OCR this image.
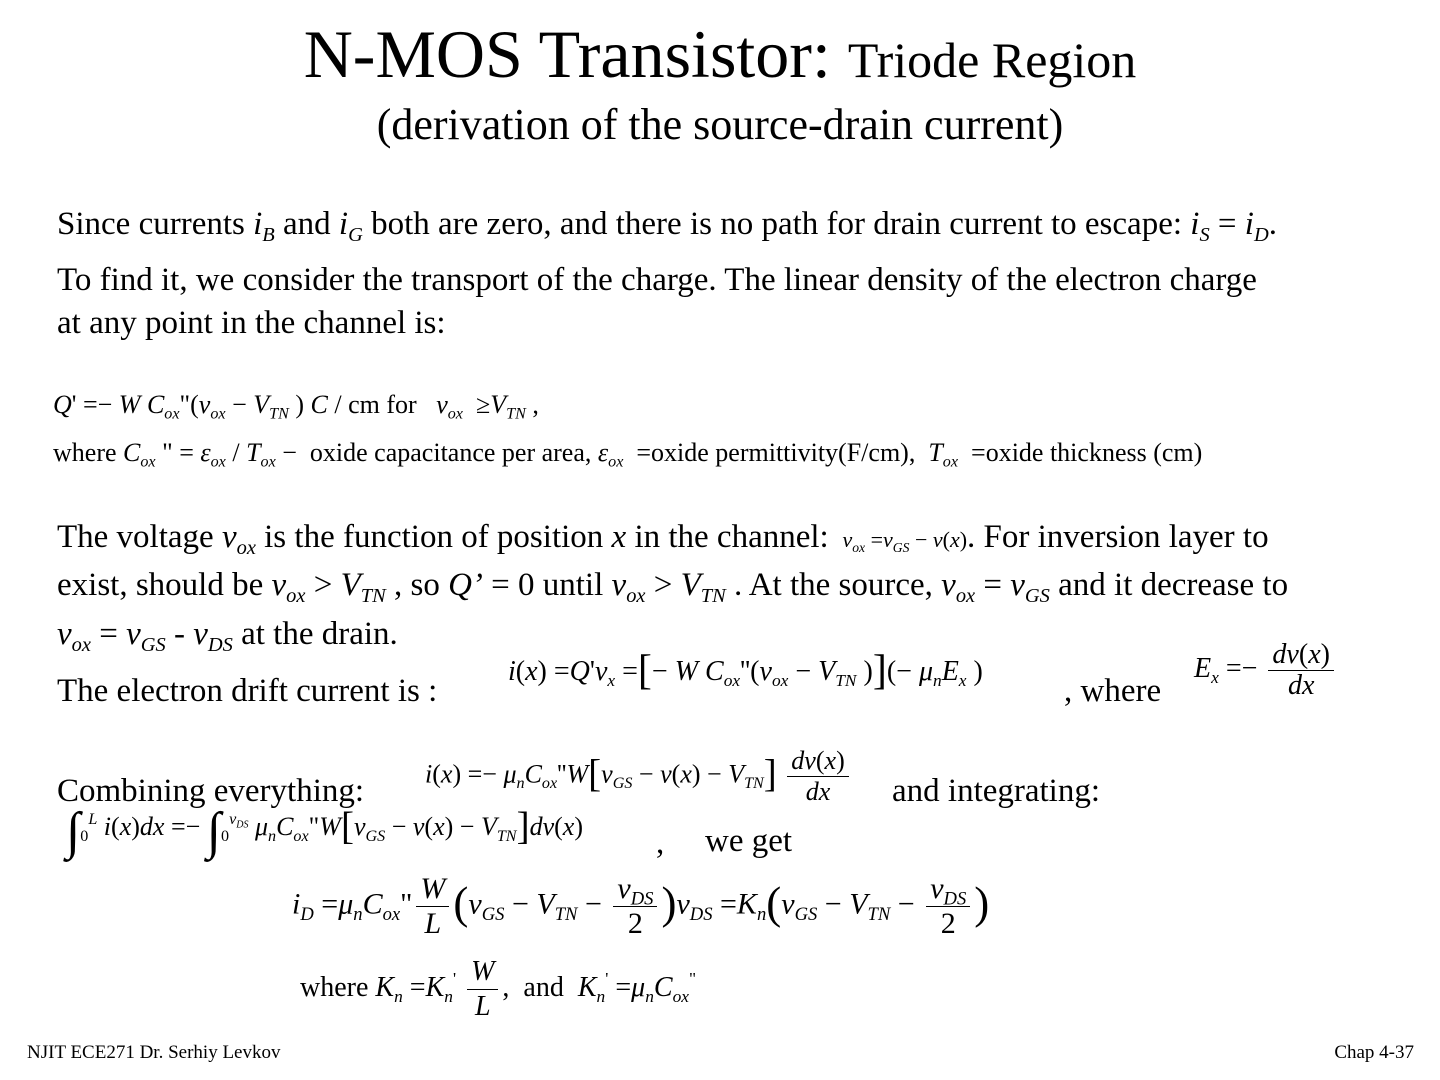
N-MOS Transistor: Triode Region
(derivation of the source-drain current)
Since currents $i_B$ and $i_G$ both are zero, and there is no path for drain current to escape: $i_S = i_D$.
To find it, we consider the transport of the charge. The linear density of the electron charge
at any point in the channel is:
Q' =− W $C_{ox}"(v_{ox} - V_{TN}$ ) C / cm for $v_{ox} \ge V_{TN}$ ,
where $C_{ox}$ " = $\varepsilon_{ox} / T_{ox}$ −  oxide capacitance per area, $\varepsilon_{ox}$  =oxide permittivity(F/cm), $T_{ox}$  =oxide thickness (cm)
The voltage $v_{ox}$ is the function of position x in the channel: $v_{ox} =v_{GS} - v(x)$. For inversion layer to
exist, should be $v_{ox} > V_{TN}$ , so Q’ = 0 until $v_{ox} > V_{TN}$ . At the source, $v_{ox} = v_{GS}$ and it decrease to
$v_{ox} = v_{GS} - v_{DS}$ at the drain.
The electron drift current is :
$i(x) =Q'v_x$ =[− W $C_{ox}''(v_{ox} - V_{TN}$ )](− $\mu_nE_x$ )
, where
$E_x =- \frac{dv(x)}{dx}$
Combining everything: $i(x) =- \mu_nC_{ox}''W[v_{GS} - v(x) - V_{TN}] \frac{dv(x)}{dx}$ and integrating:
$\int_0^L$ $i(x)dx =- \int_0^{v_{DS}}$ $\mu_nC_{ox}"W[v_{GS} - v(x) - V_{TN}]dv(x)$ , we get
$i_D =\mu_nC_{ox}$" $\frac{W}{L} (v_{GS} - V_{TN} - \frac{v_{DS}}{2} )v_{DS} =K_n(v_{GS} - V_{TN} - \frac{v_{DS}}{2}$ )
where $K_n =K_n' \frac{W}{L}$ ,  and $K_n' =\mu_nC_{ox}^"$
NJIT ECE271 Dr. Serhiy Levkov	Chap 4-37
